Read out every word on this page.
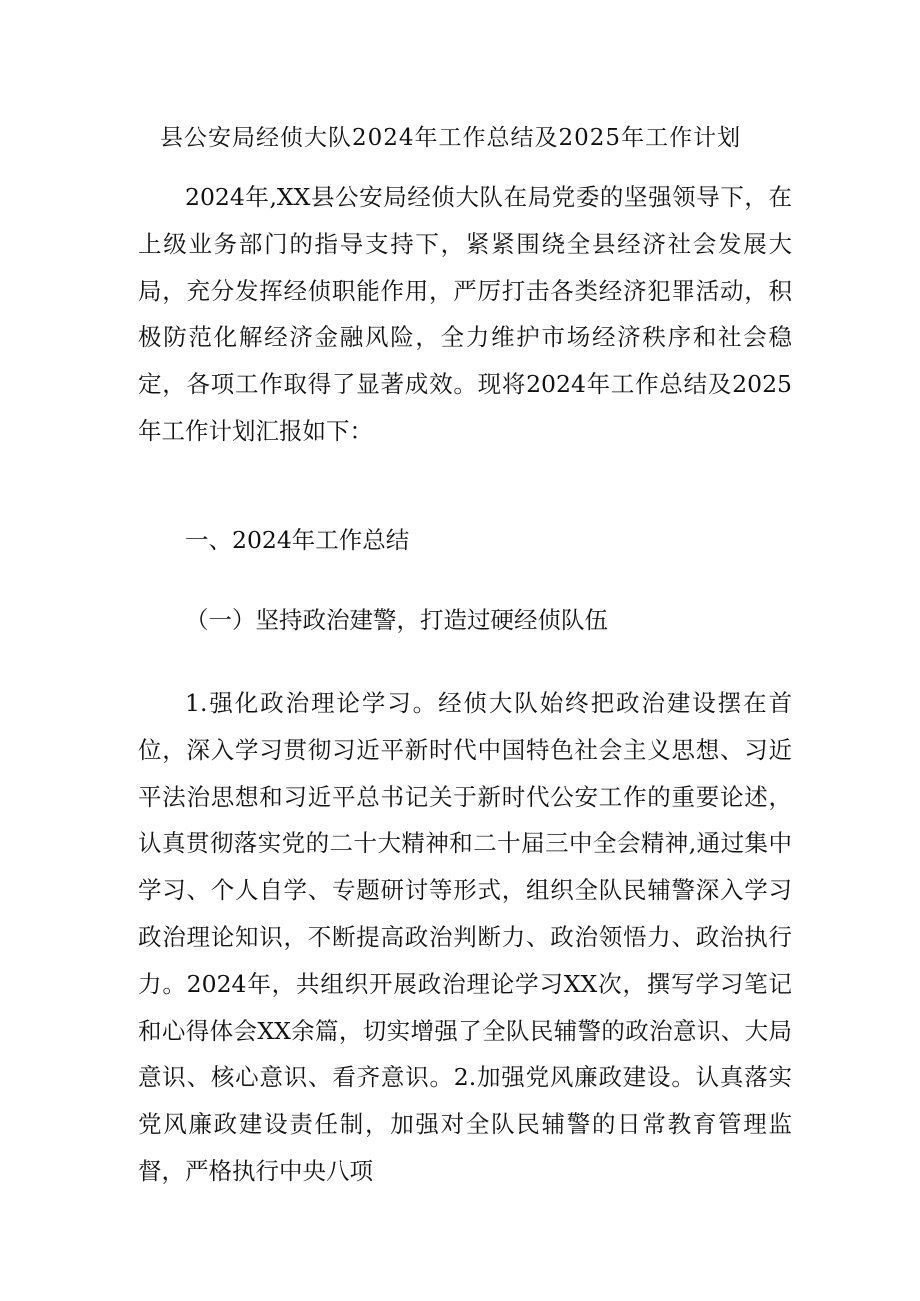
县公安局经侦大队2024年工作总结及2025年工作计划

2024年,XX县公安局经侦大队在局党委的坚强领导下，在上级业务部门的指导支持下，紧紧围绕全县经济社会发展大局，充分发挥经侦职能作用，严厉打击各类经济犯罪活动，积极防范化解经济金融风险，全力维护市场经济秩序和社会稳定，各项工作取得了显著成效。现将2024年工作总结及2025年工作计划汇报如下：

一、2024年工作总结
（一）坚持政治建警，打造过硬经侦队伍

1.强化政治理论学习。经侦大队始终把政治建设摆在首位，深入学习贯彻习近平新时代中国特色社会主义思想、习近平法治思想和习近平总书记关于新时代公安工作的重要论述，认真贯彻落实党的二十大精神和二十届三中全会精神,通过集中学习、个人自学、专题研讨等形式，组织全队民辅警深入学习政治理论知识，不断提高政治判断力、政治领悟力、政治执行力。2024年，共组织开展政治理论学习XX次，撰写学习笔记和心得体会XX余篇，切实增强了全队民辅警的政治意识、大局意识、核心意识、看齐意识。2.加强党风廉政建设。认真落实党风廉政建设责任制，加强对全队民辅警的日常教育管理监督，严格执行中央八项
